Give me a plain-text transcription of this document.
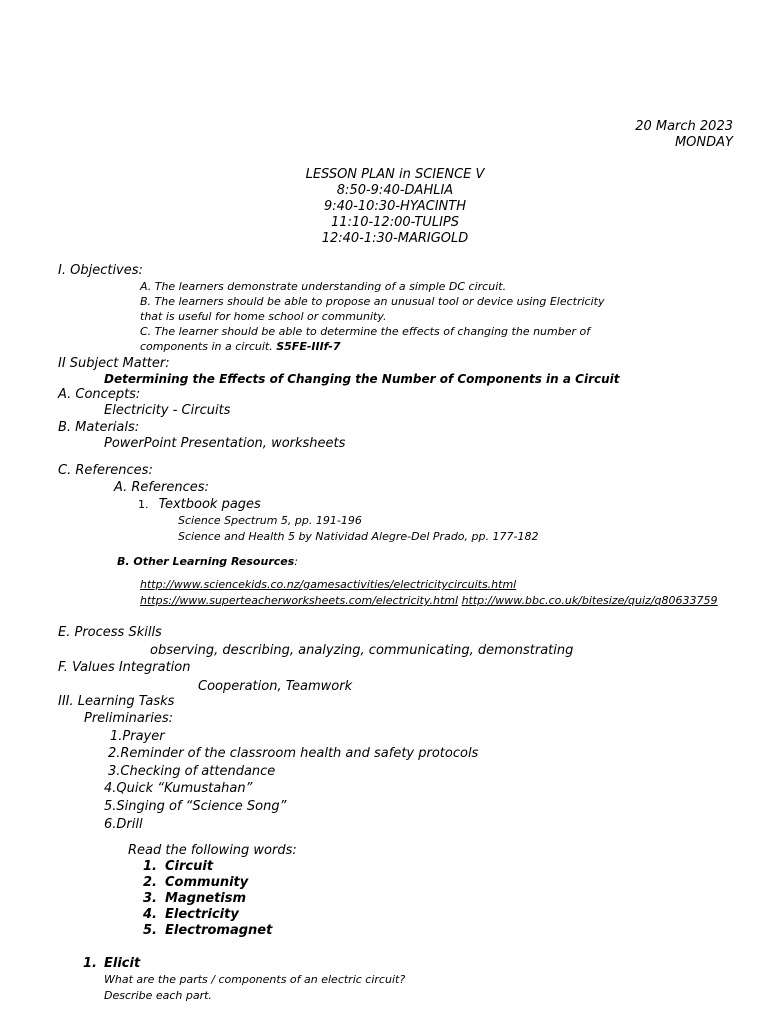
20 March 2023
MONDAY
LESSON PLAN in SCIENCE V
8:50-9:40-DAHLIA
9:40-10:30-HYACINTH
11:10-12:00-TULIPS
12:40-1:30-MARIGOLD
I. Objectives:
A. The learners demonstrate understanding of a simple DC circuit.
B. The learners should be able to propose an unusual tool or device using Electricity
that is useful for home school or community.
C. The learner should be able to determine the effects of changing the number of
components in a circuit. S5FE-IIIf-7
II Subject Matter:
Determining the Effects of Changing the Number of Components in a Circuit
A. Concepts:
Electricity - Circuits
B. Materials:
PowerPoint Presentation, worksheets
C. References:
A. References:
1. Textbook pages
Science Spectrum 5, pp. 191-196
Science and Health 5 by Natividad Alegre-Del Prado, pp. 177-182
B. Other Learning Resources:
http://www.sciencekids.co.nz/gamesactivities/electricitycircuits.html
https://www.superteacherworksheets.com/electricity.html http://www.bbc.co.uk/bitesize/quiz/q80633759
E. Process Skills
observing, describing, analyzing, communicating, demonstrating
F. Values Integration
Cooperation, Teamwork
III. Learning Tasks
Preliminaries:
1.Prayer
2.Reminder of the classroom health and safety protocols
3.Checking of attendance
4.Quick “Kumustahan”
5.Singing of “Science Song”
6.Drill
Read the following words:
1. Circuit
2. Community
3. Magnetism
4. Electricity
5. Electromagnet
1. Elicit
What are the parts / components of an electric circuit?
Describe each part.
